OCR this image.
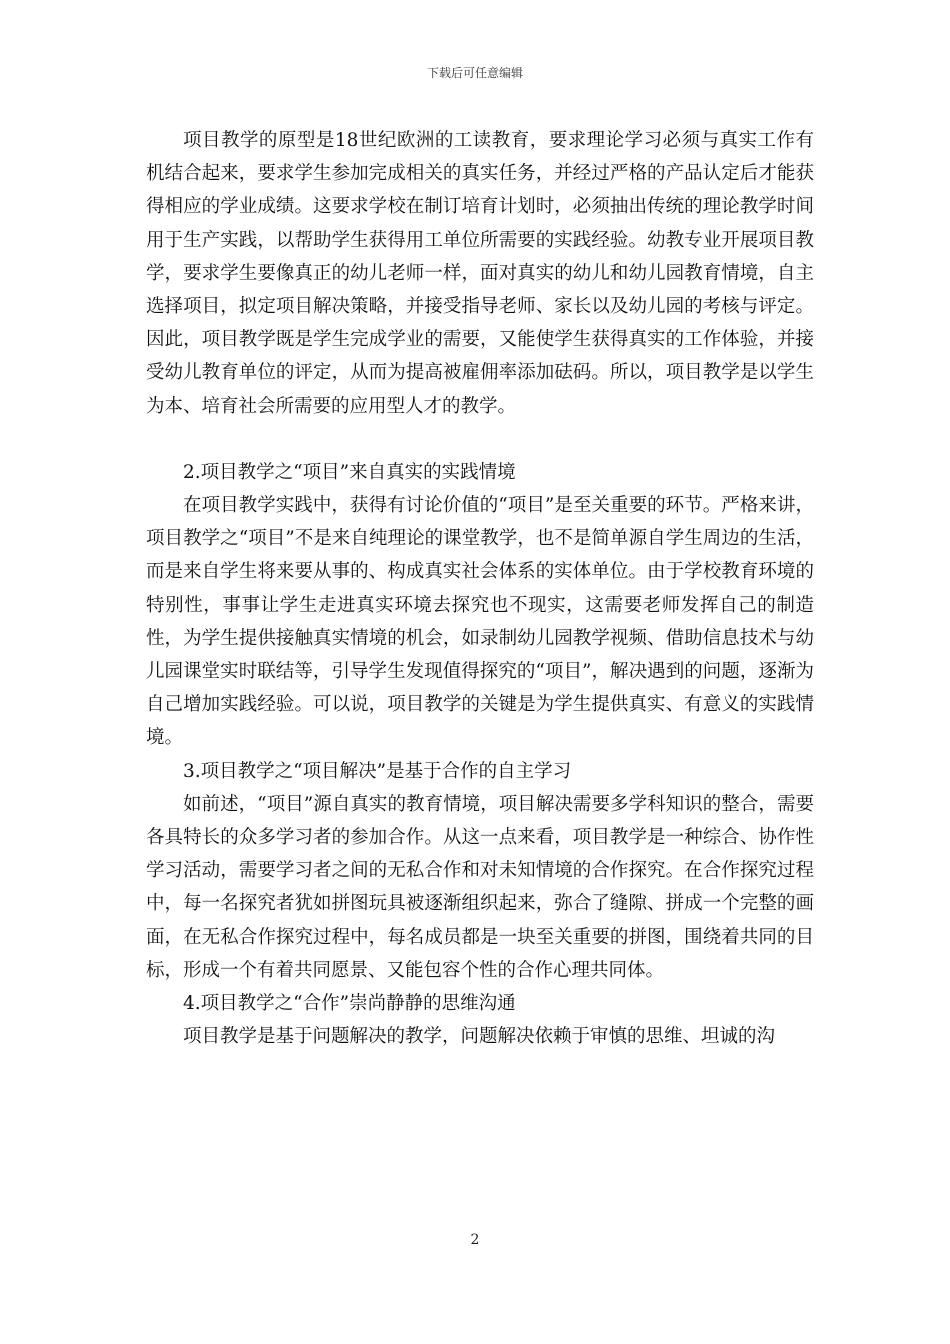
下载后可任意编辑

项目教学的原型是18世纪欧洲的工读教育，要求理论学习必须与真实工作有机结合起来，要求学生参加完成相关的真实任务，并经过严格的产品认定后才能获得相应的学业成绩。这要求学校在制订培育计划时，必须抽出传统的理论教学时间用于生产实践，以帮助学生获得用工单位所需要的实践经验。幼教专业开展项目教学，要求学生要像真正的幼儿老师一样，面对真实的幼儿和幼儿园教育情境，自主选择项目，拟定项目解决策略，并接受指导老师、家长以及幼儿园的考核与评定。因此，项目教学既是学生完成学业的需要，又能使学生获得真实的工作体验，并接受幼儿教育单位的评定，从而为提高被雇佣率添加砝码。所以，项目教学是以学生为本、培育社会所需要的应用型人才的教学。

2.项目教学之“项目”来自真实的实践情境

在项目教学实践中，获得有讨论价值的“项目”是至关重要的环节。严格来讲，项目教学之“项目”不是来自纯理论的课堂教学，也不是简单源自学生周边的生活，而是来自学生将来要从事的、构成真实社会体系的实体单位。由于学校教育环境的特别性，事事让学生走进真实环境去探究也不现实，这需要老师发挥自己的制造性，为学生提供接触真实情境的机会，如录制幼儿园教学视频、借助信息技术与幼儿园课堂实时联结等，引导学生发现值得探究的“项目”，解决遇到的问题，逐渐为自己增加实践经验。可以说，项目教学的关键是为学生提供真实、有意义的实践情境。

3.项目教学之“项目解决”是基于合作的自主学习

如前述，“项目”源自真实的教育情境，项目解决需要多学科知识的整合，需要各具特长的众多学习者的参加合作。从这一点来看，项目教学是一种综合、协作性学习活动，需要学习者之间的无私合作和对未知情境的合作探究。在合作探究过程中，每一名探究者犹如拼图玩具被逐渐组织起来，弥合了缝隙、拼成一个完整的画面，在无私合作探究过程中，每名成员都是一块至关重要的拼图，围绕着共同的目标，形成一个有着共同愿景、又能包容个性的合作心理共同体。

4.项目教学之“合作”崇尚静静的思维沟通

项目教学是基于问题解决的教学，问题解决依赖于审慎的思维、坦诚的沟

2
